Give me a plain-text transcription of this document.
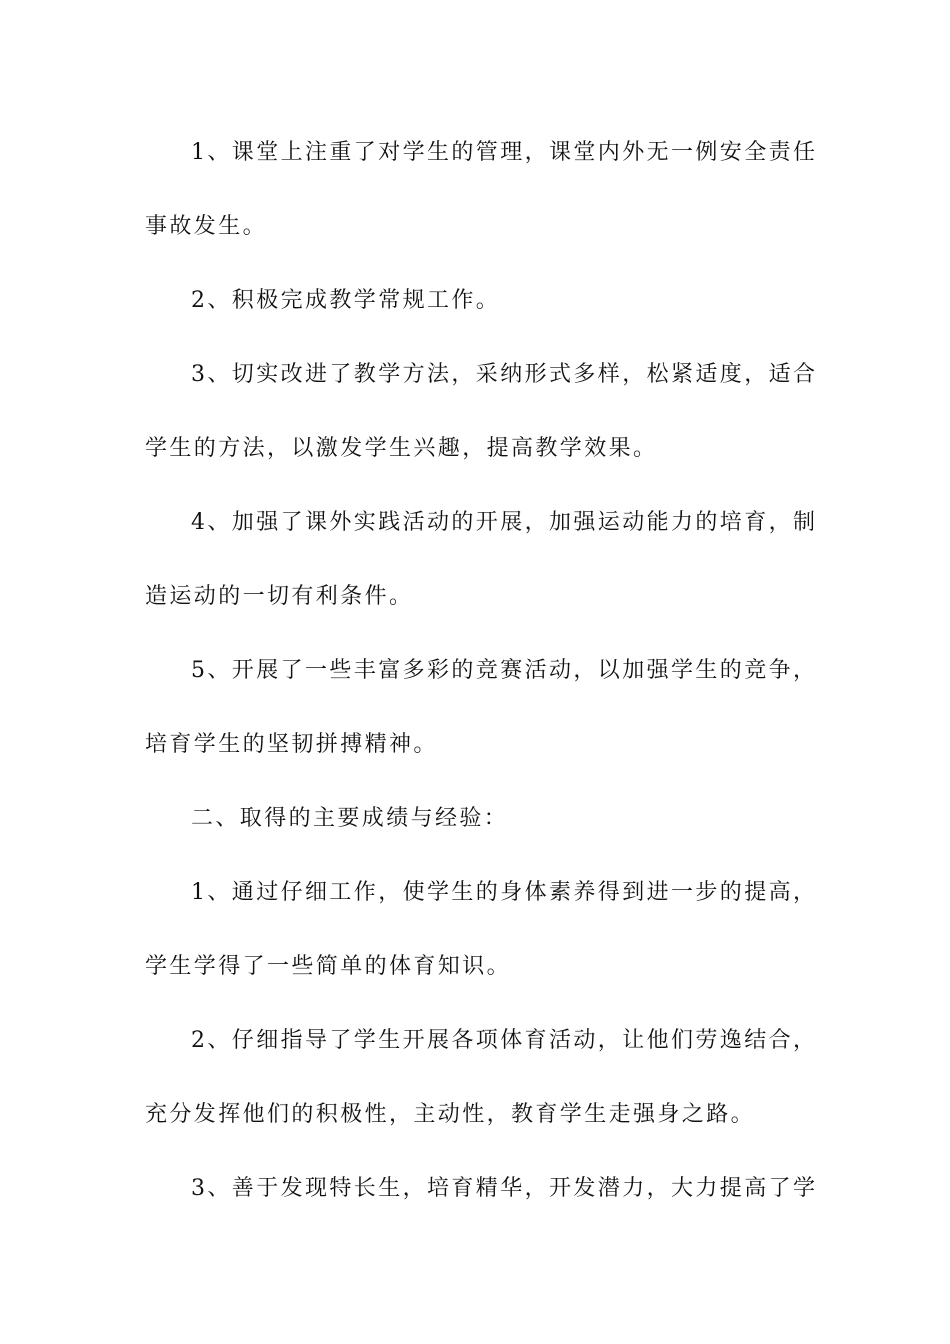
1、课堂上注重了对学生的管理，课堂内外无一例安全责任
事故发生。
2、积极完成教学常规工作。
3、切实改进了教学方法，采纳形式多样，松紧适度，适合
学生的方法，以激发学生兴趣，提高教学效果。
4、加强了课外实践活动的开展，加强运动能力的培育，制
造运动的一切有利条件。
5、开展了一些丰富多彩的竞赛活动，以加强学生的竞争，
培育学生的坚韧拼搏精神。
二、取得的主要成绩与经验：
1、通过仔细工作，使学生的身体素养得到进一步的提高，
学生学得了一些简单的体育知识。
2、仔细指导了学生开展各项体育活动，让他们劳逸结合，
充分发挥他们的积极性，主动性，教育学生走强身之路。
3、善于发现特长生，培育精华，开发潜力，大力提高了学
